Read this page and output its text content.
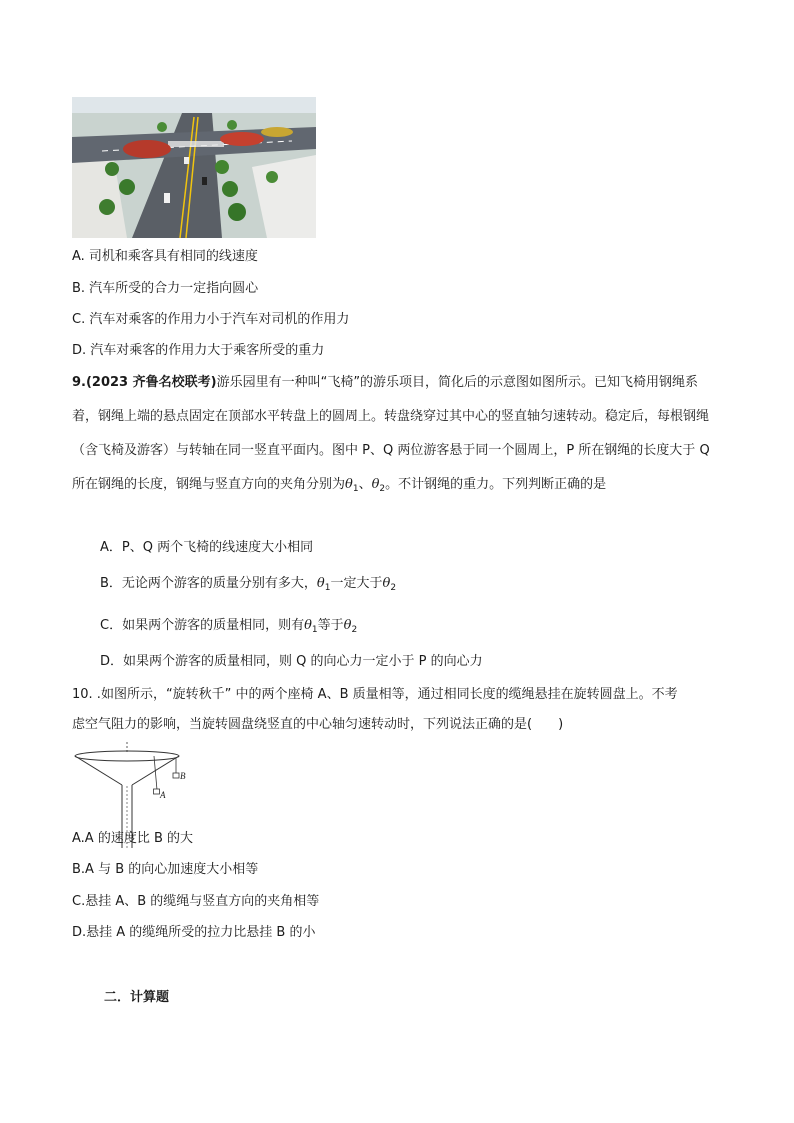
A. 司机和乘客具有相同的线速度
B. 汽车所受的合力一定指向圆心
C. 汽车对乘客的作用力小于汽车对司机的作用力
D. 汽车对乘客的作用力大于乘客所受的重力
9.(2023 齐鲁名校联考)游乐园里有一种叫“飞椅”的游乐项目，简化后的示意图如图所示。已知飞椅用钢绳系着，钢绳上端的悬点固定在顶部水平转盘上的圆周上。转盘绕穿过其中心的竖直轴匀速转动。稳定后，每根钢绳（含飞椅及游客）与转轴在同一竖直平面内。图中 P、Q 两位游客悬于同一个圆周上，P 所在钢绳的长度大于 Q 所在钢绳的长度，钢绳与竖直方向的夹角分别为$\theta_1$、$\theta_2$。不计钢绳的重力。下列判断正确的是
A．P、Q 两个飞椅的线速度大小相同
B．无论两个游客的质量分别有多大，$\theta_1$一定大于$\theta_2$
C．如果两个游客的质量相同，则有$\theta_1$等于$\theta_2$
D．如果两个游客的质量相同，则 Q 的向心力一定小于 P 的向心力
10. .如图所示，“旋转秋千” 中的两个座椅 A、B 质量相等，通过相同长度的缆绳悬挂在旋转圆盘上。不考
虑空气阻力的影响，当旋转圆盘绕竖直的中心轴匀速转动时，下列说法正确的是(　　)
A
B
A.A 的速度比 B 的大
B.A 与 B 的向心加速度大小相等
C.悬挂 A、B 的缆绳与竖直方向的夹角相等
D.悬挂 A 的缆绳所受的拉力比悬挂 B 的小
二．计算题
